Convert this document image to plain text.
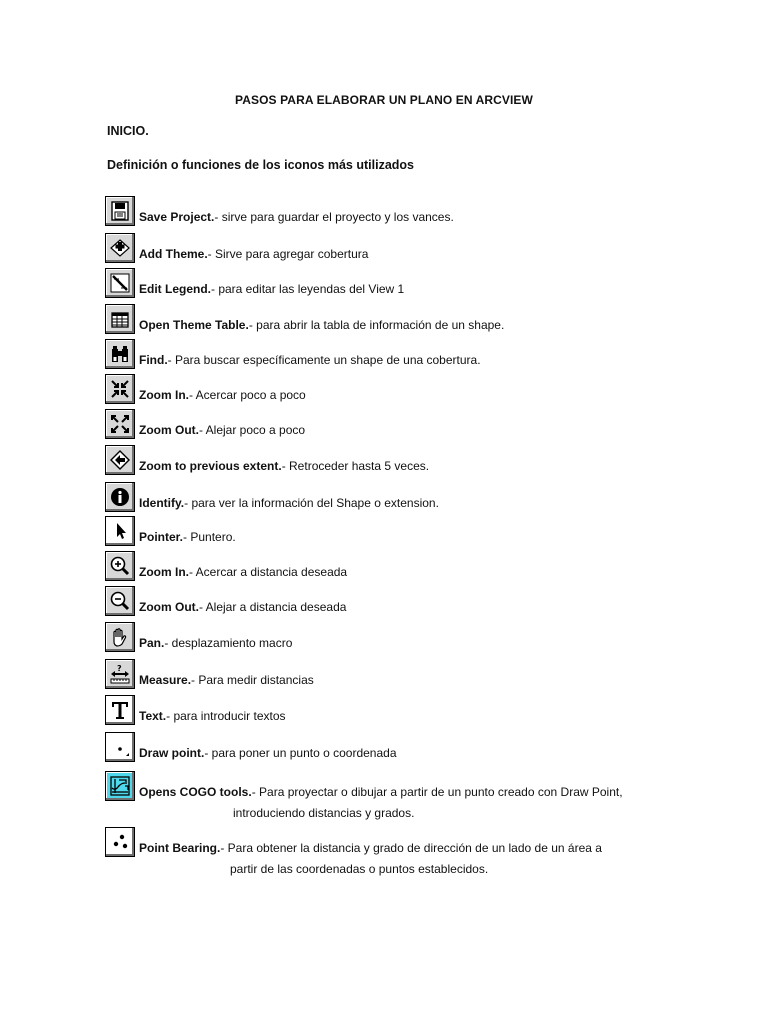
PASOS PARA ELABORAR UN PLANO EN ARCVIEW
INICIO.
Definición o funciones de los iconos más utilizados
Save Project.- sirve para guardar el proyecto y los vances.
Add Theme.- Sirve para agregar cobertura
Edit Legend.- para editar las leyendas del View 1
Open Theme Table.- para abrir la tabla de información de un shape.
Find.- Para buscar específicamente un shape de una cobertura.
Zoom In.- Acercar poco a poco
Zoom Out.- Alejar poco a poco
Zoom to previous extent.- Retroceder hasta 5 veces.
Identify.- para ver la información del Shape o extension.
Pointer.- Puntero.
Zoom In.- Acercar a distancia deseada
Zoom Out.- Alejar a distancia deseada
Pan.- desplazamiento macro
?
Measure.- Para medir distancias
Text.- para introducir textos
Draw point.- para poner un punto o coordenada
Opens COGO tools.- Para proyectar o dibujar a partir de un punto creado con Draw Point,
introduciendo distancias y grados.
Point Bearing.- Para obtener la distancia y grado de dirección de un lado de un área a
partir de las coordenadas o puntos establecidos.
